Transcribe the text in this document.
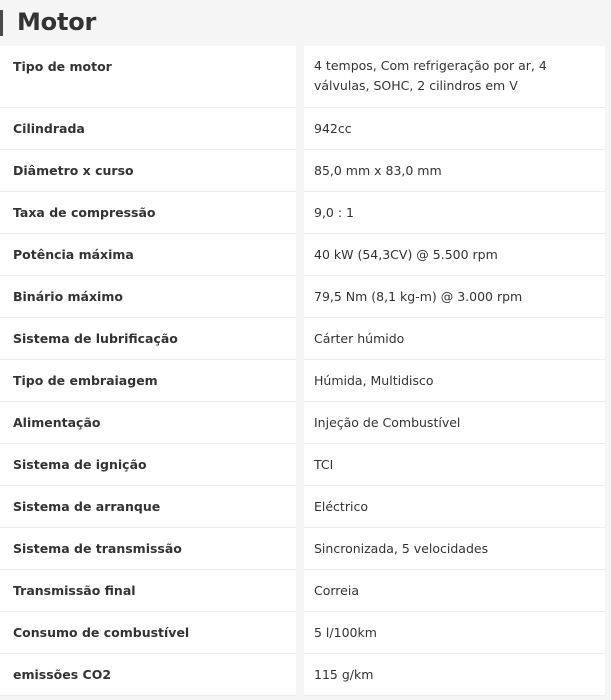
Motor
Tipo de motor	4 tempos, Com refrigeração por ar, 4 válvulas, SOHC, 2 cilindros em V
Cilindrada	942cc
Diâmetro x curso	85,0 mm x 83,0 mm
Taxa de compressão	9,0 : 1
Potência máxima	40 kW (54,3CV) @ 5.500 rpm
Binário máximo	79,5 Nm (8,1 kg-m) @ 3.000 rpm
Sistema de lubrificação	Cárter húmido
Tipo de embraiagem	Húmida, Multidisco
Alimentação	Injeção de Combustível
Sistema de ignição	TCI
Sistema de arranque	Eléctrico
Sistema de transmissão	Sincronizada, 5 velocidades
Transmissão final	Correia
Consumo de combustível	5 l/100km
emissões CO2	115 g/km
